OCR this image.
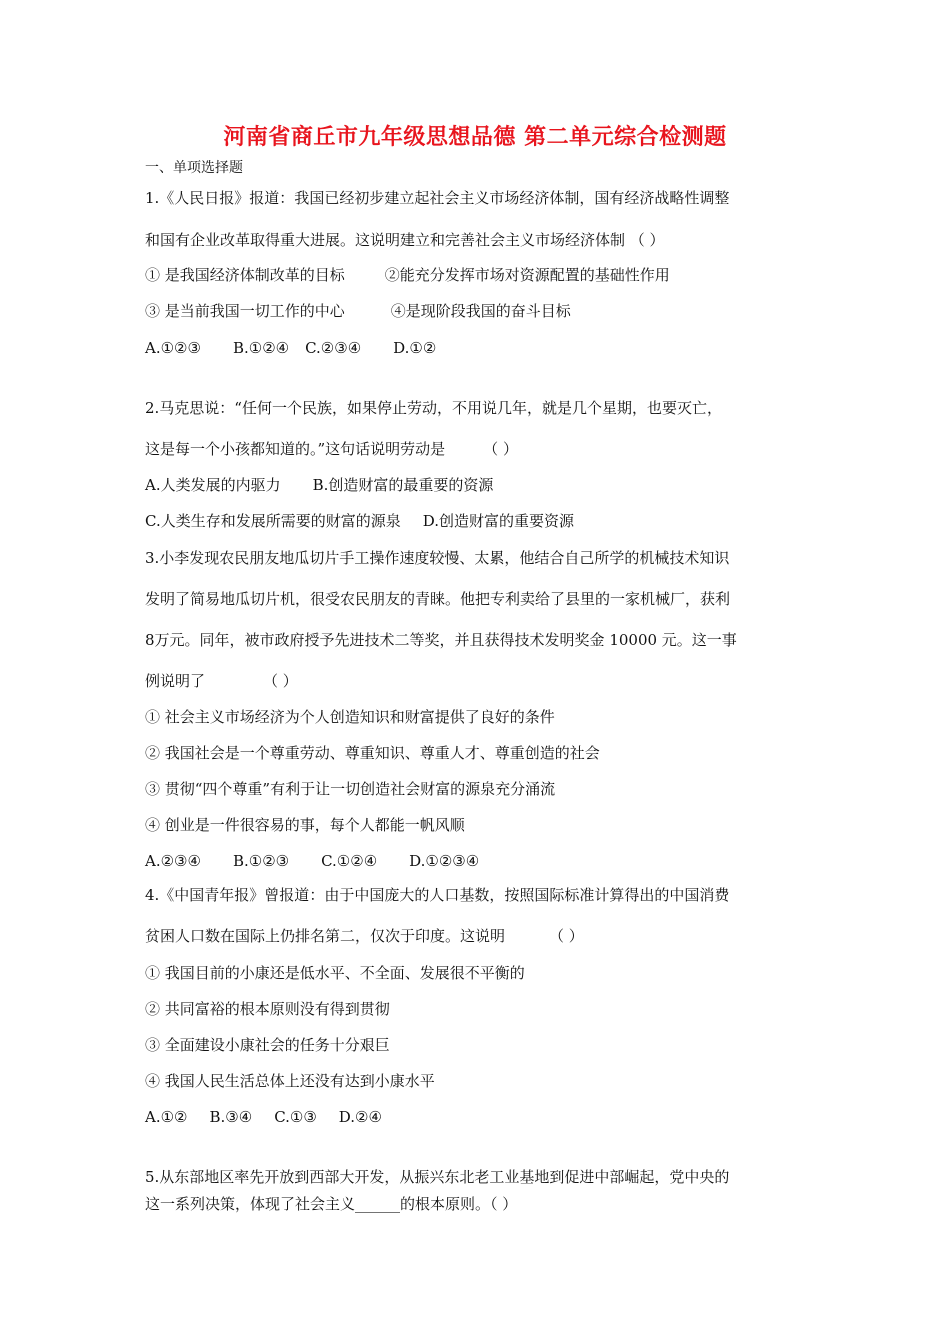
河南省商丘市九年级思想品德 第二单元综合检测题
一、单项选择题
1.《人民日报》报道：我国已经初步建立起社会主义市场经济体制，国有经济战略性调整
和国有企业改革取得重大进展。这说明建立和完善社会主义市场经济体制 （ ）
① 是我国经济体制改革的目标	②能充分发挥市场对资源配置的基础性作用
③ 是当前我国一切工作的中心	④是现阶段我国的奋斗目标
A.①②③ B.①②④ C.②③④ D.①②
2.马克思说：“任何一个民族，如果停止劳动，不用说几年，就是几个星期，也要灭亡，
这是每一个小孩都知道的。”这句话说明劳动是	（ ）
A.人类发展的内驱力 B.创造财富的最重要的资源
C.人类生存和发展所需要的财富的源泉 D.创造财富的重要资源
3.小李发现农民朋友地瓜切片手工操作速度较慢、太累，他结合自己所学的机械技术知识
发明了简易地瓜切片机，很受农民朋友的青睐。他把专利卖给了县里的一家机械厂，获利
8万元。同年，被市政府授予先进技术二等奖，并且获得技术发明奖金 10000 元。这一事
例说明了	（ ）
① 社会主义市场经济为个人创造知识和财富提供了良好的条件
② 我国社会是一个尊重劳动、尊重知识、尊重人才、尊重创造的社会
③ 贯彻“四个尊重”有利于让一切创造社会财富的源泉充分涌流
④ 创业是一件很容易的事，每个人都能一帆风顺
A.②③④ B.①②③ C.①②④ D.①②③④
4.《中国青年报》曾报道：由于中国庞大的人口基数，按照国际标准计算得出的中国消费
贫困人口数在国际上仍排名第二，仅次于印度。这说明	（ ）
① 我国目前的小康还是低水平、不全面、发展很不平衡的
② 共同富裕的根本原则没有得到贯彻
③ 全面建设小康社会的任务十分艰巨
④ 我国人民生活总体上还没有达到小康水平
A.①② B.③④ C.①③ D.②④
5.从东部地区率先开放到西部大开发，从振兴东北老工业基地到促进中部崛起，党中央的
这一系列决策，体现了社会主义______的根本原则。（ ）
